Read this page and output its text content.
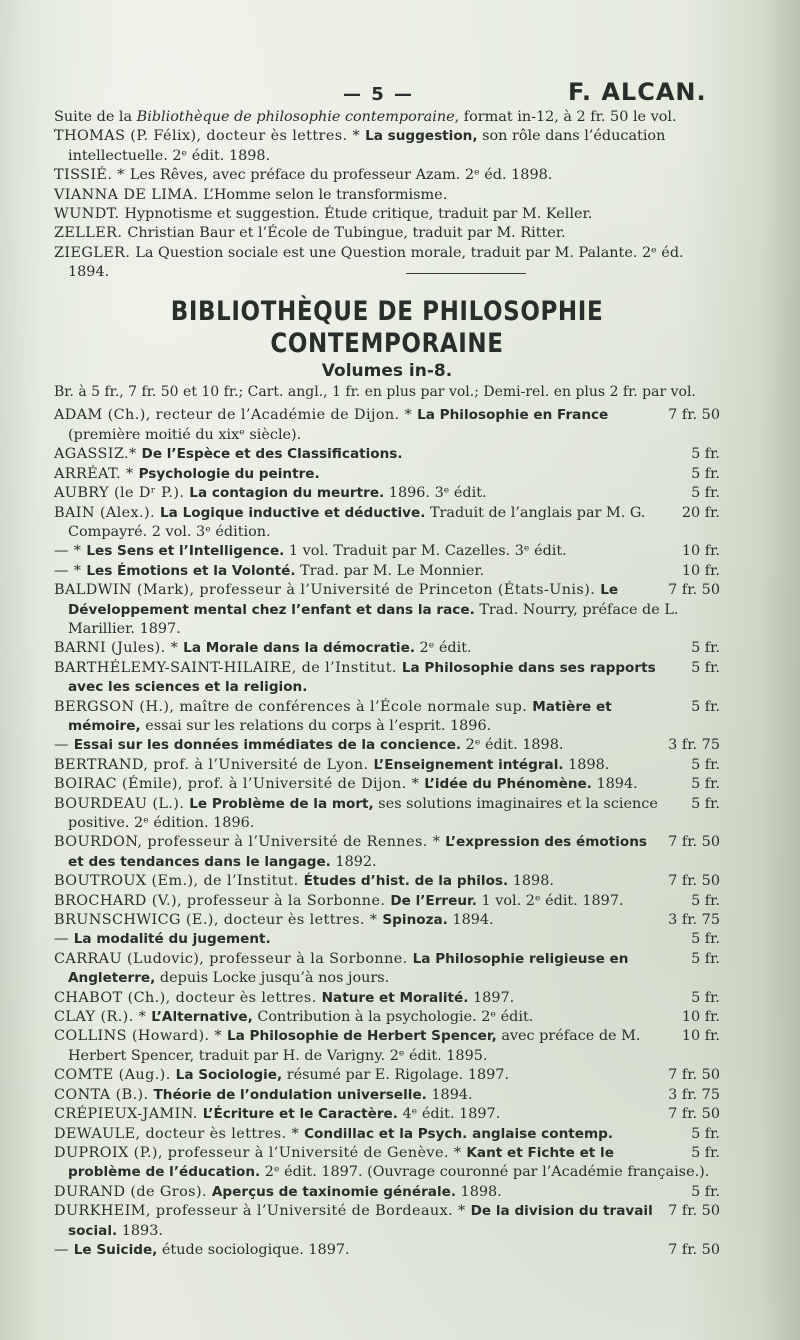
— 5 —	F. ALCAN.
Suite de la Bibliothèque de philosophie contemporaine, format in-12, à 2 fr. 50 le vol.
THOMAS (P. Félix), docteur ès lettres. * La suggestion, son rôle dans l’éducation intellectuelle. 2ᵉ édit. 1898.
TISSIÉ. * Les Rêves, avec préface du professeur Azam. 2ᵉ éd. 1898.
VIANNA DE LIMA. L’Homme selon le transformisme.
WUNDT. Hypnotisme et suggestion. Étude critique, traduit par M. Keller.
ZELLER. Christian Baur et l’École de Tubingue, traduit par M. Ritter.
ZIEGLER. La Question sociale est une Question morale, traduit par M. Palante. 2ᵉ éd. 1894.
BIBLIOTHÈQUE DE PHILOSOPHIE CONTEMPORAINE
Volumes in-8.
Br. à 5 fr., 7 fr. 50 et 10 fr.; Cart. angl., 1 fr. en plus par vol.; Demi-rel. en plus 2 fr. par vol.
7 fr. 50
ADAM (Ch.), recteur de l’Académie de Dijon. * La Philosophie en France (première moitié du xixᵉ siècle).
5 fr.
AGASSIZ.* De l’Espèce et des Classifications.
5 fr.
ARRÉAT. * Psychologie du peintre.
5 fr.
AUBRY (le Dʳ P.). La contagion du meurtre. 1896. 3ᵉ édit.
20 fr.
BAIN (Alex.). La Logique inductive et déductive. Traduit de l’anglais par M. G. Compayré. 2 vol. 3ᵉ édition.
10 fr.
— * Les Sens et l’Intelligence. 1 vol. Traduit par M. Cazelles. 3ᵉ édit.
10 fr.
— * Les Émotions et la Volonté. Trad. par M. Le Monnier.
7 fr. 50
BALDWIN (Mark), professeur à l’Université de Princeton (États-Unis). Le Développement mental chez l’enfant et dans la race. Trad. Nourry, préface de L. Marillier. 1897.
5 fr.
BARNI (Jules). * La Morale dans la démocratie. 2ᵉ édit.
5 fr.
BARTHÉLEMY-SAINT-HILAIRE, de l’Institut. La Philosophie dans ses rapports avec les sciences et la religion.
5 fr.
BERGSON (H.), maître de conférences à l’École normale sup. Matière et mémoire, essai sur les relations du corps à l’esprit. 1896.
3 fr. 75
— Essai sur les données immédiates de la concience. 2ᵉ édit. 1898.
5 fr.
BERTRAND, prof. à l’Université de Lyon. L’Enseignement intégral. 1898.
5 fr.
BOIRAC (Émile), prof. à l’Université de Dijon. * L’idée du Phénomène. 1894.
5 fr.
BOURDEAU (L.). Le Problème de la mort, ses solutions imaginaires et la science positive. 2ᵉ édition. 1896.
7 fr. 50
BOURDON, professeur à l’Université de Rennes. * L’expression des émotions et des tendances dans le langage. 1892.
7 fr. 50
BOUTROUX (Em.), de l’Institut. Études d’hist. de la philos. 1898.
5 fr.
BROCHARD (V.), professeur à la Sorbonne. De l’Erreur. 1 vol. 2ᵉ édit. 1897.
3 fr. 75
BRUNSCHWICG (E.), docteur ès lettres. * Spinoza. 1894.
5 fr.
— La modalité du jugement.
5 fr.
CARRAU (Ludovic), professeur à la Sorbonne. La Philosophie religieuse en Angleterre, depuis Locke jusqu’à nos jours.
5 fr.
CHABOT (Ch.), docteur ès lettres. Nature et Moralité. 1897.
10 fr.
CLAY (R.). * L’Alternative, Contribution à la psychologie. 2ᵉ édit.
10 fr.
COLLINS (Howard). * La Philosophie de Herbert Spencer, avec préface de M. Herbert Spencer, traduit par H. de Varigny. 2ᵉ édit. 1895.
7 fr. 50
COMTE (Aug.). La Sociologie, résumé par E. Rigolage. 1897.
3 fr. 75
CONTA (B.). Théorie de l’ondulation universelle. 1894.
7 fr. 50
CRÉPIEUX-JAMIN. L’Écriture et le Caractère. 4ᵉ édit. 1897.
5 fr.
DEWAULE, docteur ès lettres. * Condillac et la Psych. anglaise contemp.
5 fr.
DUPROIX (P.), professeur à l’Université de Genève. * Kant et Fichte et le problème de l’éducation. 2ᵉ édit. 1897. (Ouvrage couronné par l’Académie française.).
5 fr.
DURAND (de Gros). Aperçus de taxinomie générale. 1898.
7 fr. 50
DURKHEIM, professeur à l’Université de Bordeaux. * De la division du travail social. 1893.
7 fr. 50
— Le Suicide, étude sociologique. 1897.
